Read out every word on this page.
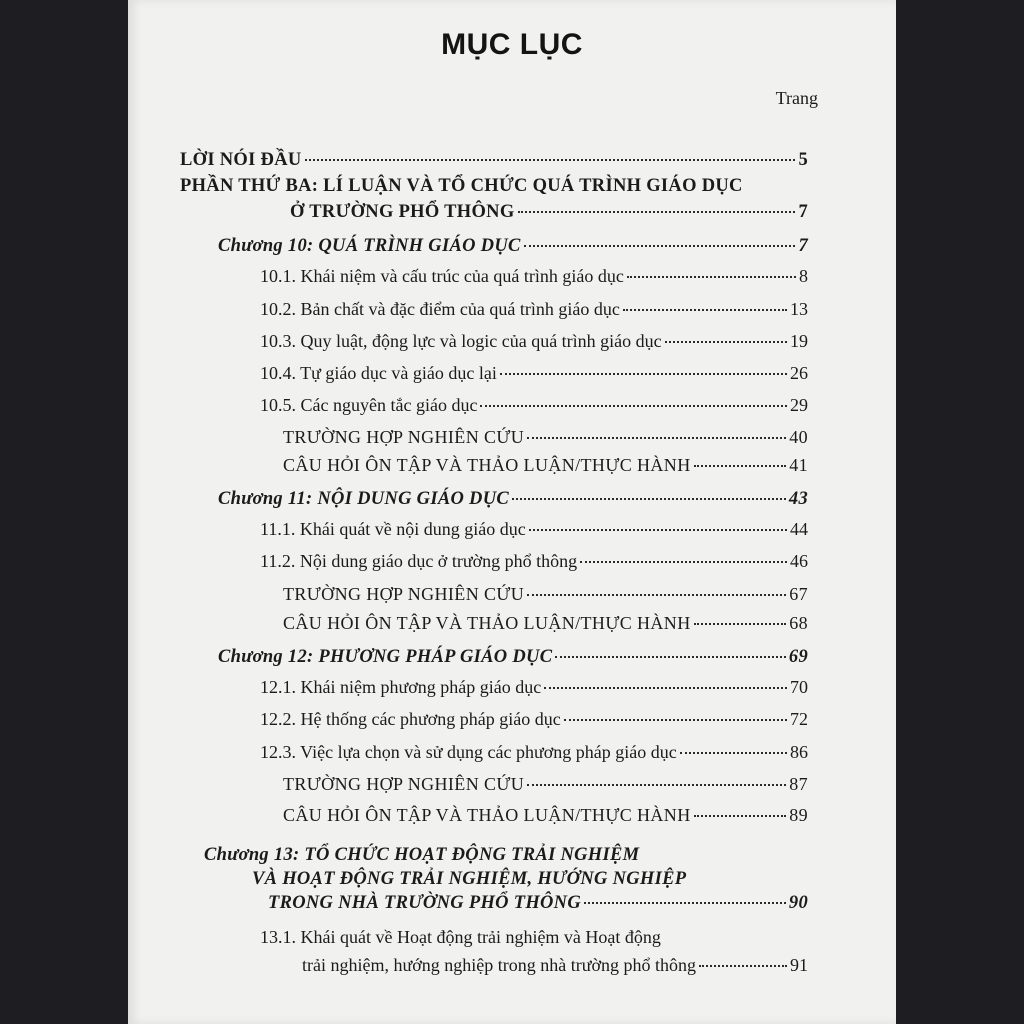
MỤC LỤC
Trang
LỜI NÓI ĐẦU	5
PHẦN THỨ BA: LÍ LUẬN VÀ TỔ CHỨC QUÁ TRÌNH GIÁO DỤC
Ở TRƯỜNG PHỔ THÔNG	7
Chương 10: QUÁ TRÌNH GIÁO DỤC	7
10.1. Khái niệm và cấu trúc của quá trình giáo dục	8
10.2. Bản chất và đặc điểm của quá trình giáo dục	13
10.3. Quy luật, động lực và logic của quá trình giáo dục	19
10.4. Tự giáo dục và giáo dục lại	26
10.5. Các nguyên tắc giáo dục	29
TRƯỜNG HỢP NGHIÊN CỨU	40
CÂU HỎI ÔN TẬP VÀ THẢO LUẬN/THỰC HÀNH	41
Chương 11: NỘI DUNG GIÁO DỤC	43
11.1. Khái quát về nội dung giáo dục	44
11.2. Nội dung giáo dục ở trường phổ thông	46
TRƯỜNG HỢP NGHIÊN CỨU	67
CÂU HỎI ÔN TẬP VÀ THẢO LUẬN/THỰC HÀNH	68
Chương 12: PHƯƠNG PHÁP GIÁO DỤC	69
12.1. Khái niệm phương pháp giáo dục	70
12.2. Hệ thống các phương pháp giáo dục	72
12.3. Việc lựa chọn và sử dụng các phương pháp giáo dục	86
TRƯỜNG HỢP NGHIÊN CỨU	87
CÂU HỎI ÔN TẬP VÀ THẢO LUẬN/THỰC HÀNH	89
Chương 13: TỔ CHỨC HOẠT ĐỘNG TRẢI NGHIỆM
VÀ HOẠT ĐỘNG TRẢI NGHIỆM, HƯỚNG NGHIỆP
TRONG NHÀ TRƯỜNG PHỔ THÔNG	90
13.1. Khái quát về Hoạt động trải nghiệm và Hoạt động
trải nghiệm, hướng nghiệp trong nhà trường phổ thông	91
